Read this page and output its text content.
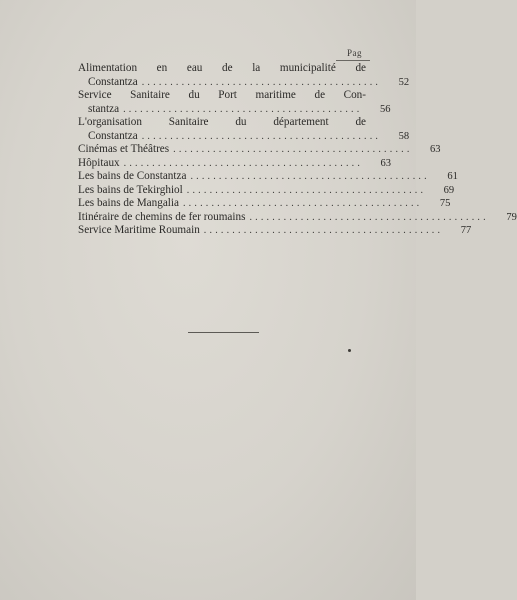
Pag
Alimentation en eau de la municipalité de
Constantza ..........................................	52
Service Sanitaire du Port maritime de Con-
stantza ..........................................	56
L'organisation Sanitaire du département de
Constantza ..........................................	58
Cinémas et Théâtres ..........................................	63
Hôpitaux ..........................................	63
Les bains de Constantza ..........................................	61
Les bains de Tekirghiol ..........................................	69
Les bains de Mangalia ..........................................	75
Itinéraire de chemins de fer roumains ..........................................	79
Service Maritime Roumain ..........................................	77
